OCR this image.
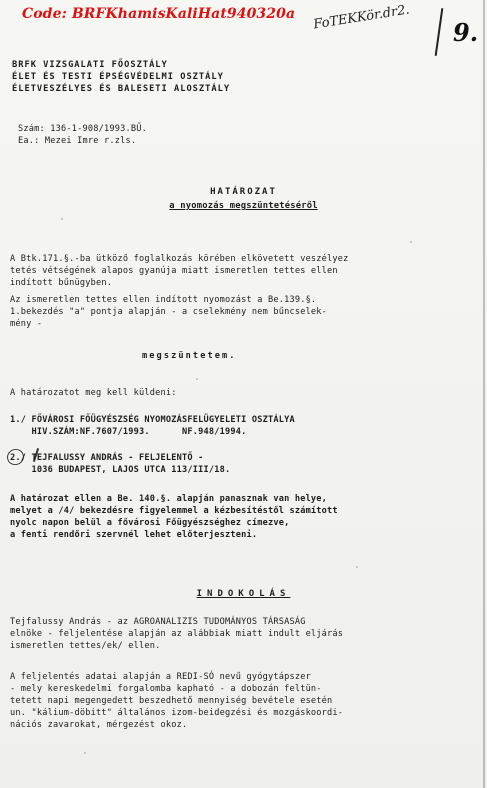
Code: BRFKhamisKaliHat940320a FoTEKKör.dr2.
9.
BRFK VIZSGALATI FŐOSZTÁLY
ÉLET ÉS TESTI ÉPSÉGVÉDELMI OSZTÁLY
ÉLETVESZÉLYES ÉS BALESETI ALOSZTÁLY
Szám: 136-1-908/1993.BŰ.
Ea.: Mezei Imre r.zls.
HATÁROZAT
a nyomozás megszüntetéséről
A Btk.171.§.-ba ütköző foglalkozás körében elkövetett veszélyez
tetés vétségének alapos gyanúja miatt ismeretlen tettes ellen
indított bűnügyben.
Az ismeretlen tettes ellen indított nyomozást a Be.139.§.
1.bekezdés "a" pontja alapján - a cselekmény nem bűncselek-
mény -
megszüntetem.
A határozatot meg kell küldeni:
1./ FŐVÁROSI FŐÜGYÉSZSÉG NYOMOZÁSFELÜGYELETI OSZTÁLYA
HIV.SZÁM:NF.7607/1993.      NF.948/1994.
2./ TEJFALUSSY ANDRÁS - FELJELENTŐ -
1036 BUDAPEST, LAJOS UTCA 113/III/18.
A határozat ellen a Be. 140.§. alapján panasznak van helye,
melyet a /4/ bekezdésre figyelemmel a kézbesítéstől számított
nyolc napon belül a fővárosi Főügyészséghez címezve,
a fenti rendőri szervnél lehet előterjeszteni.
INDOKOLÁS
Tejfalussy András - az AGROANALIZIS TUDOMÁNYOS TÁRSASÁG
elnöke - feljelentése alapján az alábbiak miatt indult eljárás
ismeretlen tettes/ek/ ellen.
A feljelentés adatai alapján a REDI-SÓ nevű gyógytápszer
- mely kereskedelmi forgalomba kapható - a dobozán feltün-
tetett napi megengedett beszedhető mennyiség bevétele esetén
un. "kálium-döbitt" általános izom-beidegzési és mozgáskoordi-
nációs zavarokat, mérgezést okoz.
